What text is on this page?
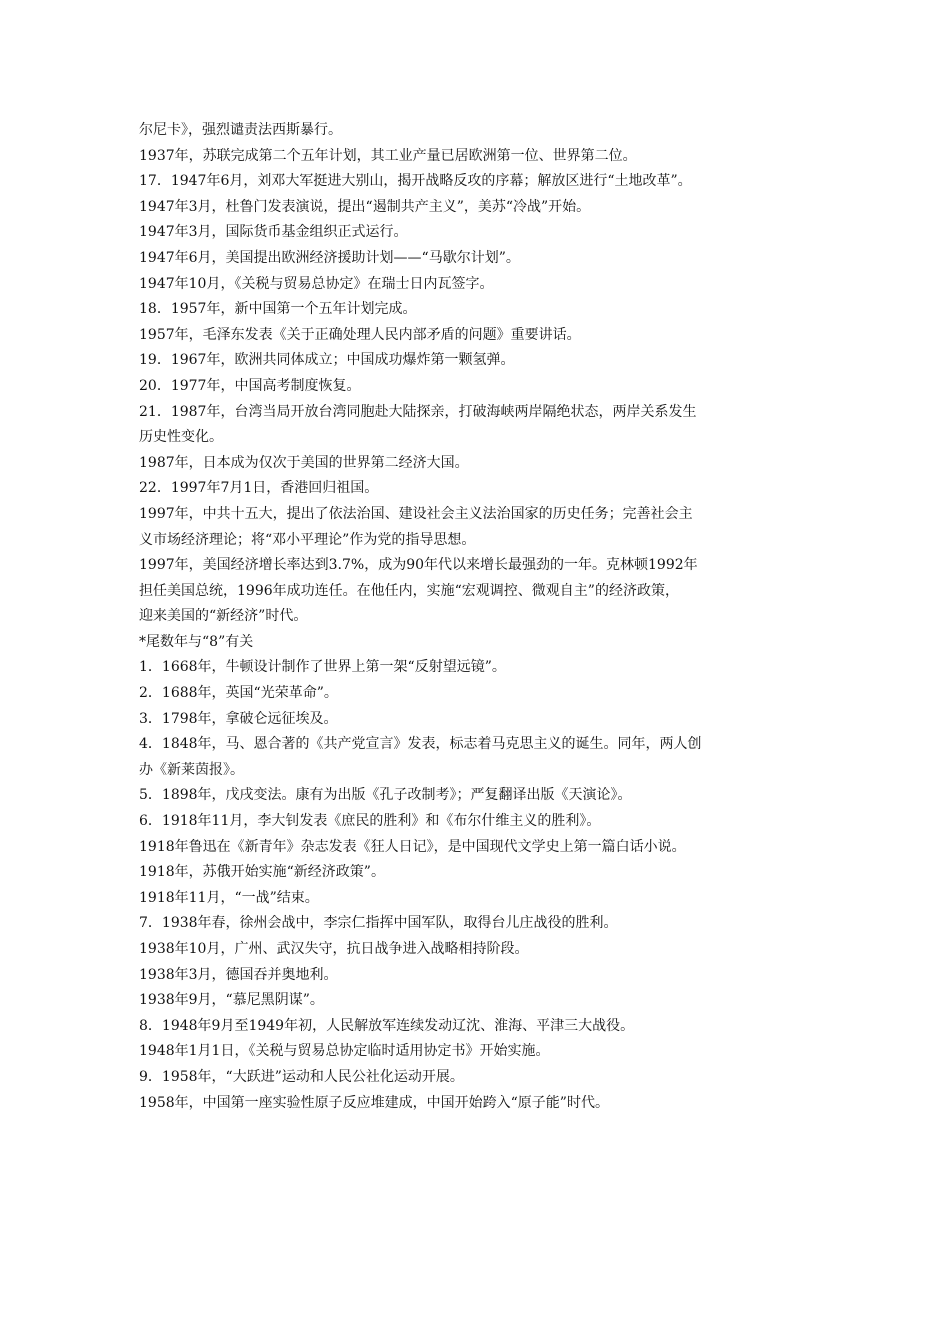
尔尼卡》，强烈谴责法西斯暴行。
1937年，苏联完成第二个五年计划，其工业产量已居欧洲第一位、世界第二位。
17．1947年6月，刘邓大军挺进大别山，揭开战略反攻的序幕；解放区进行“土地改革”。
1947年3月，杜鲁门发表演说，提出“遏制共产主义”，美苏“冷战”开始。
1947年3月，国际货币基金组织正式运行。
1947年6月，美国提出欧洲经济援助计划——“马歇尔计划”。
1947年10月，《关税与贸易总协定》在瑞士日内瓦签字。
18．1957年，新中国第一个五年计划完成。
1957年，毛泽东发表《关于正确处理人民内部矛盾的问题》重要讲话。
19．1967年，欧洲共同体成立；中国成功爆炸第一颗氢弹。
20．1977年，中国高考制度恢复。
21．1987年，台湾当局开放台湾同胞赴大陆探亲，打破海峡两岸隔绝状态，两岸关系发生
历史性变化。
1987年，日本成为仅次于美国的世界第二经济大国。
22．1997年7月1日，香港回归祖国。
1997年，中共十五大，提出了依法治国、建设社会主义法治国家的历史任务；完善社会主
义市场经济理论；将“邓小平理论”作为党的指导思想。
1997年，美国经济增长率达到3.7%，成为90年代以来增长最强劲的一年。克林顿1992年
担任美国总统，1996年成功连任。在他任内，实施“宏观调控、微观自主”的经济政策，
迎来美国的“新经济”时代。
*尾数年与“8”有关
1．1668年，牛顿设计制作了世界上第一架“反射望远镜”。
2．1688年，英国“光荣革命”。
3．1798年，拿破仑远征埃及。
4．1848年，马、恩合著的《共产党宣言》发表，标志着马克思主义的诞生。同年，两人创
办《新莱茵报》。
5．1898年，戊戌变法。康有为出版《孔子改制考》；严复翻译出版《天演论》。
6．1918年11月，李大钊发表《庶民的胜利》和《布尔什维主义的胜利》。
1918年鲁迅在《新青年》杂志发表《狂人日记》，是中国现代文学史上第一篇白话小说。
1918年，苏俄开始实施“新经济政策”。
1918年11月，“一战”结束。
7．1938年春，徐州会战中，李宗仁指挥中国军队，取得台儿庄战役的胜利。
1938年10月，广州、武汉失守，抗日战争进入战略相持阶段。
1938年3月，德国吞并奥地利。
1938年9月，“慕尼黑阴谋”。
8．1948年9月至1949年初，人民解放军连续发动辽沈、淮海、平津三大战役。
1948年1月1日，《关税与贸易总协定临时适用协定书》开始实施。
9．1958年，“大跃进”运动和人民公社化运动开展。
1958年，中国第一座实验性原子反应堆建成，中国开始跨入“原子能”时代。
